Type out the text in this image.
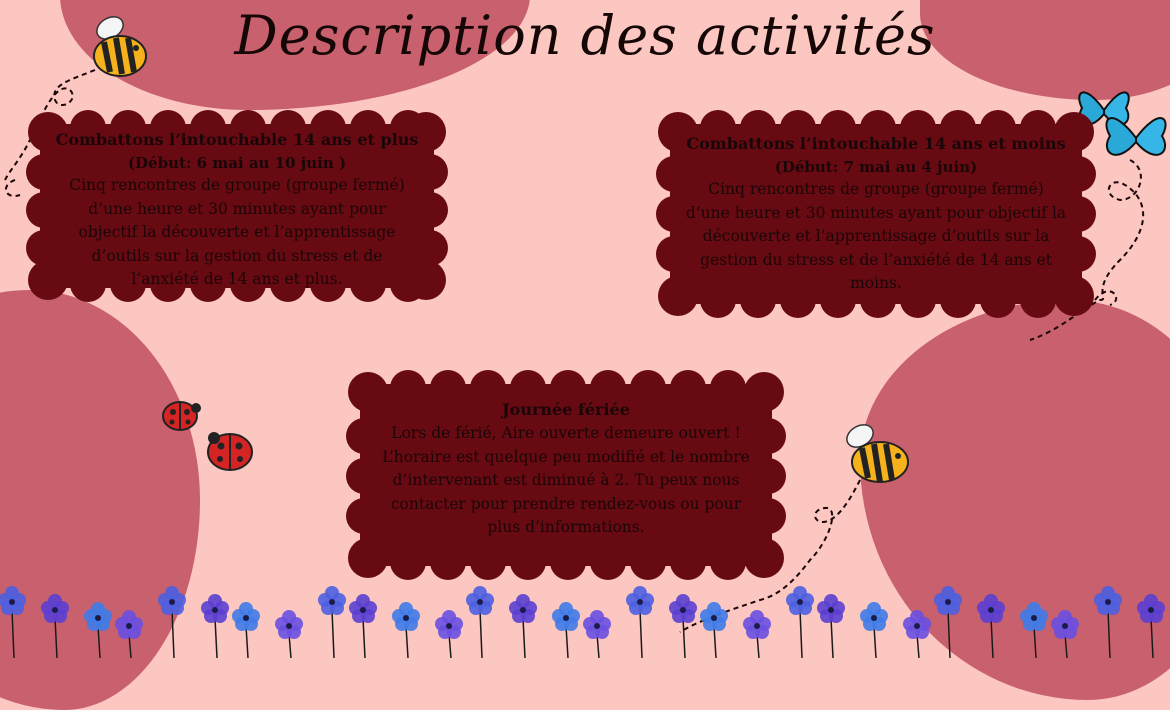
Description des activités
Combattons l’intouchable 14 ans et plus
(Début: 6 mai au 10 juin )
Cinq rencontres de groupe (groupe fermé) d’une heure et 30 minutes ayant pour objectif la découverte et l’apprentissage d’outils sur la gestion du stress et de l’anxiété de 14 ans et plus.
Combattons l’intouchable 14 ans et moins
(Début: 7 mai au 4 juin)
Cinq rencontres de groupe (groupe fermé) d’une heure et 30 minutes ayant pour objectif la découverte et l’apprentissage d’outils sur la gestion du stress et de l’anxiété de 14 ans et moins.
Journée fériée
Lors de férié, Aire ouverte demeure ouvert ! L’horaire est quelque peu modifié et le nombre d’intervenant est diminué à 2. Tu peux nous contacter pour prendre rendez-vous ou pour plus d’informations.
